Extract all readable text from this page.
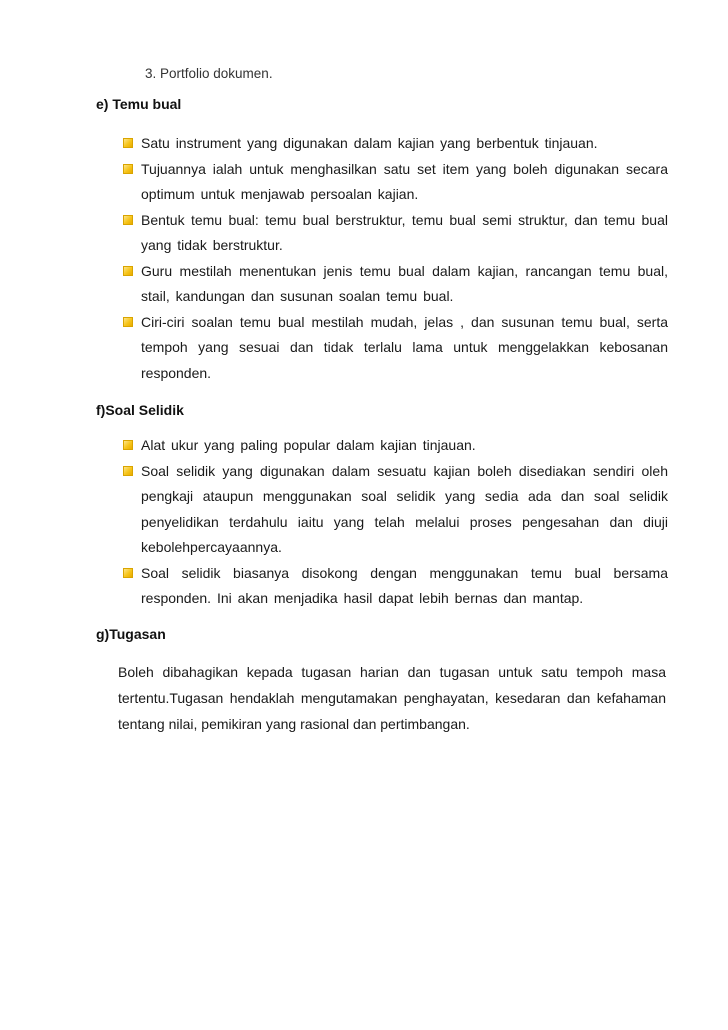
3. Portfolio dokumen.
e) Temu bual
Satu instrument yang digunakan dalam kajian yang berbentuk tinjauan.
Tujuannya ialah untuk menghasilkan satu set item yang boleh digunakan secara optimum untuk menjawab persoalan kajian.
Bentuk temu bual: temu bual berstruktur, temu bual semi struktur, dan temu bual yang tidak berstruktur.
Guru mestilah menentukan jenis temu bual dalam kajian, rancangan temu bual, stail, kandungan dan susunan soalan temu bual.
Ciri-ciri soalan temu bual mestilah mudah, jelas , dan susunan temu bual, serta tempoh yang sesuai dan tidak terlalu lama untuk menggelakkan kebosanan responden.
f)Soal Selidik
Alat ukur yang paling popular dalam kajian tinjauan.
Soal selidik yang digunakan dalam sesuatu kajian boleh disediakan sendiri oleh pengkaji ataupun menggunakan soal selidik yang sedia ada dan soal selidik penyelidikan terdahulu iaitu yang telah melalui proses pengesahan dan diuji kebolehpercayaannya.
Soal selidik biasanya disokong dengan menggunakan temu bual bersama responden. Ini akan menjadika hasil dapat lebih bernas dan mantap.
g)Tugasan

Boleh dibahagikan kepada tugasan harian dan tugasan untuk satu tempoh masa tertentu.Tugasan hendaklah mengutamakan penghayatan, kesedaran dan kefahaman tentang nilai, pemikiran yang rasional dan pertimbangan.
